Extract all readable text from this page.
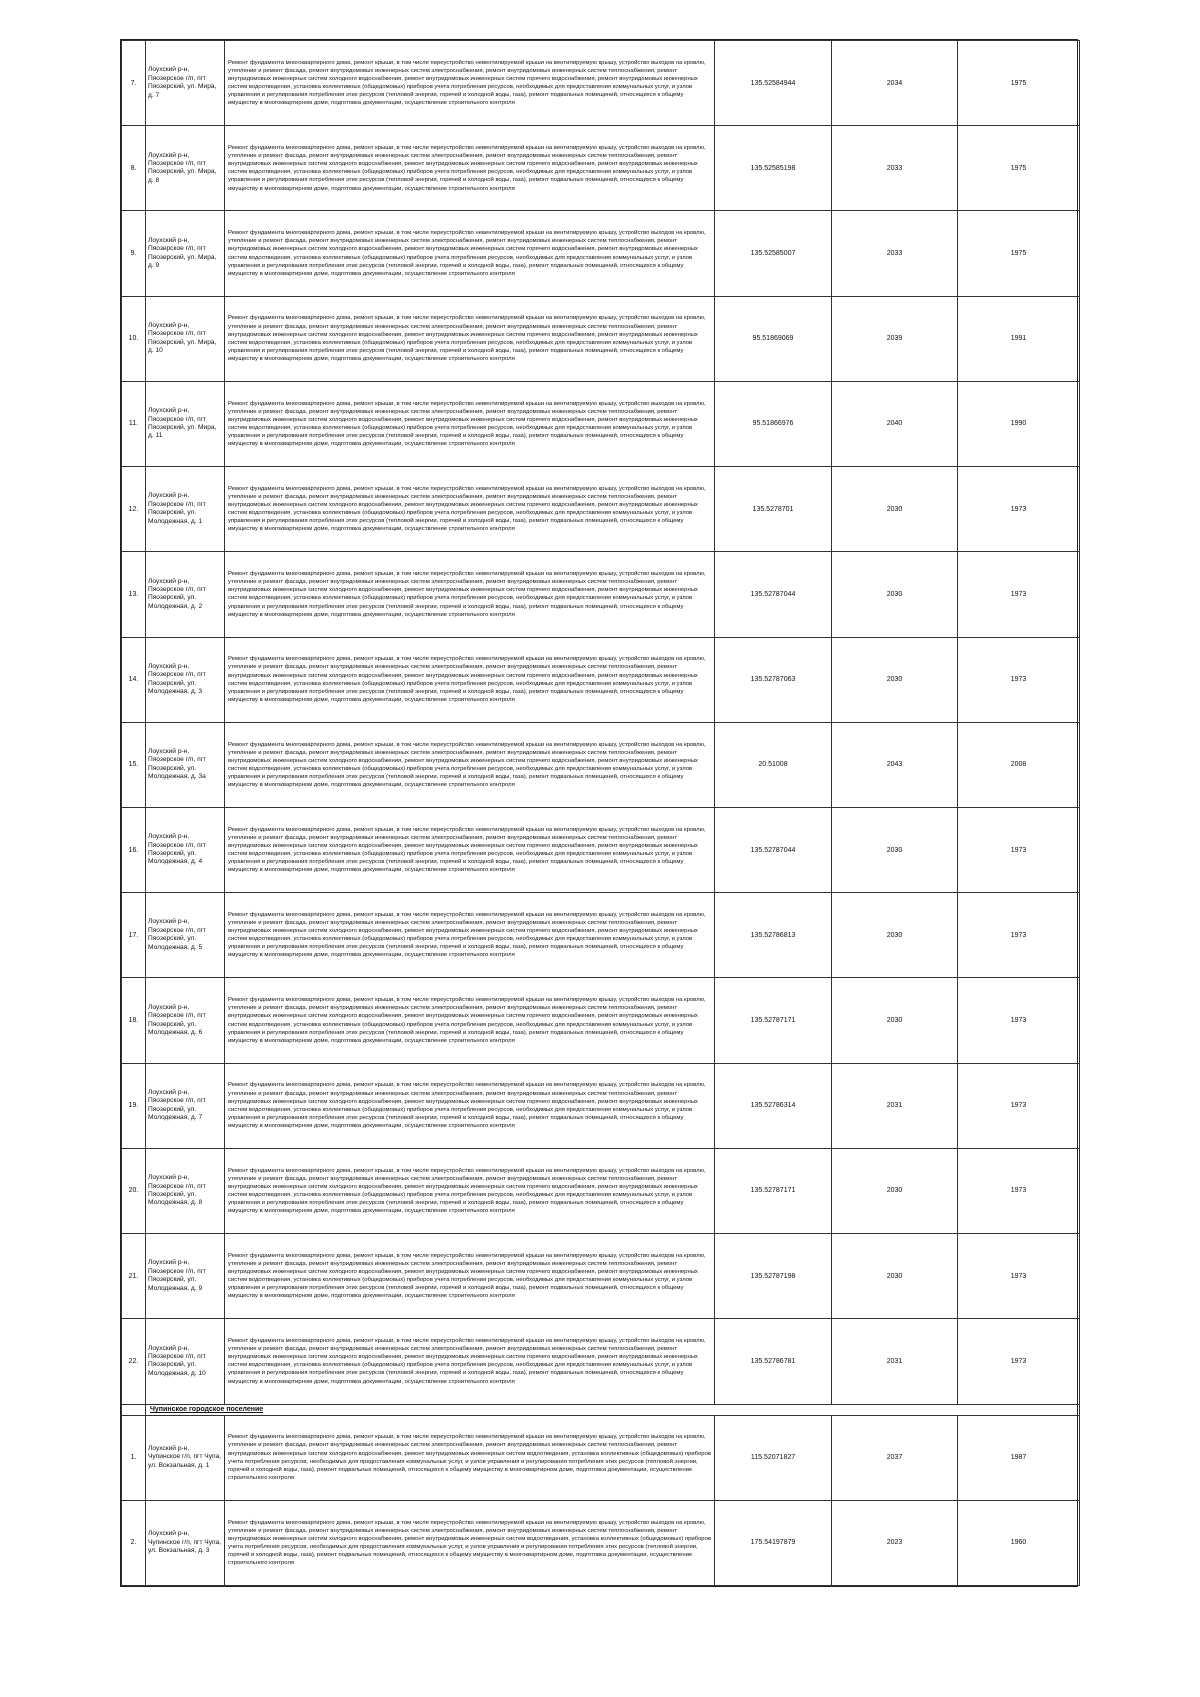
7.	Лоухский р-н, Пяозерское г/п, пгт Пяозерский, ул. Мира, д. 7	Ремонт фундамента многоквартирного дома, ремонт крыши, в том числе переустройство невентилируемой крыши на вентилируемую крышу, устройство выходов на кровлю, утепление и ремонт фасада, ремонт внутридомовых инженерных систем электроснабжения, ремонт внутридомовых инженерных систем теплоснабжения, ремонт внутридомовых инженерных систем холодного водоснабжения, ремонт внутридомовых инженерных систем горячего водоснабжения, ремонт внутридомовых инженерных систем водоотведения, установка коллективных (общедомовых) приборов учета потребления ресурсов, необходимых для предоставления коммунальных услуг, и узлов управления и регулирования потребления этих ресурсов (тепловой энергии, горячей и холодной воды, газа), ремонт подвальных помещений, относящихся к общему имуществу в многоквартирном доме, подготовка документации, осуществление строительного контроля	135.52584944	2034	1975
8.	Лоухский р-н, Пяозерское г/п, пгт Пяозерский, ул. Мира, д. 8	Ремонт фундамента многоквартирного дома, ремонт крыши, в том числе переустройство невентилируемой крыши на вентилируемую крышу, устройство выходов на кровлю, утепление и ремонт фасада, ремонт внутридомовых инженерных систем электроснабжения, ремонт внутридомовых инженерных систем теплоснабжения, ремонт внутридомовых инженерных систем холодного водоснабжения, ремонт внутридомовых инженерных систем горячего водоснабжения, ремонт внутридомовых инженерных систем водоотведения, установка коллективных (общедомовых) приборов учета потребления ресурсов, необходимых для предоставления коммунальных услуг, и узлов управления и регулирования потребления этих ресурсов (тепловой энергии, горячей и холодной воды, газа), ремонт подвальных помещений, относящихся к общему имуществу в многоквартирном доме, подготовка документации, осуществление строительного контроля	135.52585198	2033	1975
9.	Лоухский р-н, Пяозерское г/п, пгт Пяозерский, ул. Мира, д. 9	Ремонт фундамента многоквартирного дома, ремонт крыши, в том числе переустройство невентилируемой крыши на вентилируемую крышу, устройство выходов на кровлю, утепление и ремонт фасада, ремонт внутридомовых инженерных систем электроснабжения, ремонт внутридомовых инженерных систем теплоснабжения, ремонт внутридомовых инженерных систем холодного водоснабжения, ремонт внутридомовых инженерных систем горячего водоснабжения, ремонт внутридомовых инженерных систем водоотведения, установка коллективных (общедомовых) приборов учета потребления ресурсов, необходимых для предоставления коммунальных услуг, и узлов управления и регулирования потребления этих ресурсов (тепловой энергии, горячей и холодной воды, газа), ремонт подвальных помещений, относящихся к общему имуществу в многоквартирном доме, подготовка документации, осуществление строительного контроля	135.52585007	2033	1975
10.	Лоухский р-н, Пяозерское г/п, пгт Пяозерский, ул. Мира, д. 10	Ремонт фундамента многоквартирного дома, ремонт крыши, в том числе переустройство невентилируемой крыши на вентилируемую крышу, устройство выходов на кровлю, утепление и ремонт фасада, ремонт внутридомовых инженерных систем электроснабжения, ремонт внутридомовых инженерных систем теплоснабжения, ремонт внутридомовых инженерных систем холодного водоснабжения, ремонт внутридомовых инженерных систем горячего водоснабжения, ремонт внутридомовых инженерных систем водоотведения, установка коллективных (общедомовых) приборов учета потребления ресурсов, необходимых для предоставления коммунальных услуг, и узлов управления и регулирования потребления этих ресурсов (тепловой энергии, горячей и холодной воды, газа), ремонт подвальных помещений, относящихся к общему имуществу в многоквартирном доме, подготовка документации, осуществление строительного контроля	95.51869069	2039	1991
11.	Лоухский р-н, Пяозерское г/п, пгт Пяозерский, ул. Мира, д. 11	Ремонт фундамента многоквартирного дома, ремонт крыши, в том числе переустройство невентилируемой крыши на вентилируемую крышу, устройство выходов на кровлю, утепление и ремонт фасада, ремонт внутридомовых инженерных систем электроснабжения, ремонт внутридомовых инженерных систем теплоснабжения, ремонт внутридомовых инженерных систем холодного водоснабжения, ремонт внутридомовых инженерных систем горячего водоснабжения, ремонт внутридомовых инженерных систем водоотведения, установка коллективных (общедомовых) приборов учета потребления ресурсов, необходимых для предоставления коммунальных услуг, и узлов управления и регулирования потребления этих ресурсов (тепловой энергии, горячей и холодной воды, газа), ремонт подвальных помещений, относящихся к общему имуществу в многоквартирном доме, подготовка документации, осуществление строительного контроля	95.51866976	2040	1990
12.	Лоухский р-н, Пяозерское г/п, пгт Пяозерский, ул. Молодежная, д. 1	Ремонт фундамента многоквартирного дома, ремонт крыши, в том числе переустройство невентилируемой крыши на вентилируемую крышу, устройство выходов на кровлю, утепление и ремонт фасада, ремонт внутридомовых инженерных систем электроснабжения, ремонт внутридомовых инженерных систем теплоснабжения, ремонт внутридомовых инженерных систем холодного водоснабжения, ремонт внутридомовых инженерных систем горячего водоснабжения, ремонт внутридомовых инженерных систем водоотведения, установка коллективных (общедомовых) приборов учета потребления ресурсов, необходимых для предоставления коммунальных услуг, и узлов управления и регулирования потребления этих ресурсов (тепловой энергии, горячей и холодной воды, газа), ремонт подвальных помещений, относящихся к общему имуществу в многоквартирном доме, подготовка документации, осуществление строительного контроля	135.5278701	2030	1973
13.	Лоухский р-н, Пяозерское г/п, пгт Пяозерский, ул. Молодежная, д. 2	Ремонт фундамента многоквартирного дома, ремонт крыши, в том числе переустройство невентилируемой крыши на вентилируемую крышу, устройство выходов на кровлю, утепление и ремонт фасада, ремонт внутридомовых инженерных систем электроснабжения, ремонт внутридомовых инженерных систем теплоснабжения, ремонт внутридомовых инженерных систем холодного водоснабжения, ремонт внутридомовых инженерных систем горячего водоснабжения, ремонт внутридомовых инженерных систем водоотведения, установка коллективных (общедомовых) приборов учета потребления ресурсов, необходимых для предоставления коммунальных услуг, и узлов управления и регулирования потребления этих ресурсов (тепловой энергии, горячей и холодной воды, газа), ремонт подвальных помещений, относящихся к общему имуществу в многоквартирном доме, подготовка документации, осуществление строительного контроля	135.52787044	2030	1973
14.	Лоухский р-н, Пяозерское г/п, пгт Пяозерский, ул. Молодежная, д. 3	Ремонт фундамента многоквартирного дома, ремонт крыши, в том числе переустройство невентилируемой крыши на вентилируемую крышу, устройство выходов на кровлю, утепление и ремонт фасада, ремонт внутридомовых инженерных систем электроснабжения, ремонт внутридомовых инженерных систем теплоснабжения, ремонт внутридомовых инженерных систем холодного водоснабжения, ремонт внутридомовых инженерных систем горячего водоснабжения, ремонт внутридомовых инженерных систем водоотведения, установка коллективных (общедомовых) приборов учета потребления ресурсов, необходимых для предоставления коммунальных услуг, и узлов управления и регулирования потребления этих ресурсов (тепловой энергии, горячей и холодной воды, газа), ремонт подвальных помещений, относящихся к общему имуществу в многоквартирном доме, подготовка документации, осуществление строительного контроля	135.52787063	2030	1973
15.	Лоухский р-н, Пяозерское г/п, пгт Пяозерский, ул. Молодежная, д. 3а	Ремонт фундамента многоквартирного дома, ремонт крыши, в том числе переустройство невентилируемой крыши на вентилируемую крышу, устройство выходов на кровлю, утепление и ремонт фасада, ремонт внутридомовых инженерных систем электроснабжения, ремонт внутридомовых инженерных систем теплоснабжения, ремонт внутридомовых инженерных систем холодного водоснабжения, ремонт внутридомовых инженерных систем горячего водоснабжения, ремонт внутридомовых инженерных систем водоотведения, установка коллективных (общедомовых) приборов учета потребления ресурсов, необходимых для предоставления коммунальных услуг, и узлов управления и регулирования потребления этих ресурсов (тепловой энергии, горячей и холодной воды, газа), ремонт подвальных помещений, относящихся к общему имуществу в многоквартирном доме, подготовка документации, осуществление строительного контроля	20.51008	2043	2008
16.	Лоухский р-н, Пяозерское г/п, пгт Пяозерский, ул. Молодежная, д. 4	Ремонт фундамента многоквартирного дома, ремонт крыши, в том числе переустройство невентилируемой крыши на вентилируемую крышу, устройство выходов на кровлю, утепление и ремонт фасада, ремонт внутридомовых инженерных систем электроснабжения, ремонт внутридомовых инженерных систем теплоснабжения, ремонт внутридомовых инженерных систем холодного водоснабжения, ремонт внутридомовых инженерных систем горячего водоснабжения, ремонт внутридомовых инженерных систем водоотведения, установка коллективных (общедомовых) приборов учета потребления ресурсов, необходимых для предоставления коммунальных услуг, и узлов управления и регулирования потребления этих ресурсов (тепловой энергии, горячей и холодной воды, газа), ремонт подвальных помещений, относящихся к общему имуществу в многоквартирном доме, подготовка документации, осуществление строительного контроля	135.52787044	2030	1973
17.	Лоухский р-н, Пяозерское г/п, пгт Пяозерский, ул. Молодежная, д. 5	Ремонт фундамента многоквартирного дома, ремонт крыши, в том числе переустройство невентилируемой крыши на вентилируемую крышу, устройство выходов на кровлю, утепление и ремонт фасада, ремонт внутридомовых инженерных систем электроснабжения, ремонт внутридомовых инженерных систем теплоснабжения, ремонт внутридомовых инженерных систем холодного водоснабжения, ремонт внутридомовых инженерных систем горячего водоснабжения, ремонт внутридомовых инженерных систем водоотведения, установка коллективных (общедомовых) приборов учета потребления ресурсов, необходимых для предоставления коммунальных услуг, и узлов управления и регулирования потребления этих ресурсов (тепловой энергии, горячей и холодной воды, газа), ремонт подвальных помещений, относящихся к общему имуществу в многоквартирном доме, подготовка документации, осуществление строительного контроля	135.52786813	2030	1973
18.	Лоухский р-н, Пяозерское г/п, пгт Пяозерский, ул. Молодежная, д. 6	Ремонт фундамента многоквартирного дома, ремонт крыши, в том числе переустройство невентилируемой крыши на вентилируемую крышу, устройство выходов на кровлю, утепление и ремонт фасада, ремонт внутридомовых инженерных систем электроснабжения, ремонт внутридомовых инженерных систем теплоснабжения, ремонт внутридомовых инженерных систем холодного водоснабжения, ремонт внутридомовых инженерных систем горячего водоснабжения, ремонт внутридомовых инженерных систем водоотведения, установка коллективных (общедомовых) приборов учета потребления ресурсов, необходимых для предоставления коммунальных услуг, и узлов управления и регулирования потребления этих ресурсов (тепловой энергии, горячей и холодной воды, газа), ремонт подвальных помещений, относящихся к общему имуществу в многоквартирном доме, подготовка документации, осуществление строительного контроля	135.52787171	2030	1973
19.	Лоухский р-н, Пяозерское г/п, пгт Пяозерский, ул. Молодежная, д. 7	Ремонт фундамента многоквартирного дома, ремонт крыши, в том числе переустройство невентилируемой крыши на вентилируемую крышу, устройство выходов на кровлю, утепление и ремонт фасада, ремонт внутридомовых инженерных систем электроснабжения, ремонт внутридомовых инженерных систем теплоснабжения, ремонт внутридомовых инженерных систем холодного водоснабжения, ремонт внутридомовых инженерных систем горячего водоснабжения, ремонт внутридомовых инженерных систем водоотведения, установка коллективных (общедомовых) приборов учета потребления ресурсов, необходимых для предоставления коммунальных услуг, и узлов управления и регулирования потребления этих ресурсов (тепловой энергии, горячей и холодной воды, газа), ремонт подвальных помещений, относящихся к общему имуществу в многоквартирном доме, подготовка документации, осуществление строительного контроля	135.52786314	2031	1973
20.	Лоухский р-н, Пяозерское г/п, пгт Пяозерский, ул. Молодежная, д. 8	Ремонт фундамента многоквартирного дома, ремонт крыши, в том числе переустройство невентилируемой крыши на вентилируемую крышу, устройство выходов на кровлю, утепление и ремонт фасада, ремонт внутридомовых инженерных систем электроснабжения, ремонт внутридомовых инженерных систем теплоснабжения, ремонт внутридомовых инженерных систем холодного водоснабжения, ремонт внутридомовых инженерных систем горячего водоснабжения, ремонт внутридомовых инженерных систем водоотведения, установка коллективных (общедомовых) приборов учета потребления ресурсов, необходимых для предоставления коммунальных услуг, и узлов управления и регулирования потребления этих ресурсов (тепловой энергии, горячей и холодной воды, газа), ремонт подвальных помещений, относящихся к общему имуществу в многоквартирном доме, подготовка документации, осуществление строительного контроля	135.52787171	2030	1973
21.	Лоухский р-н, Пяозерское г/п, пгт Пяозерский, ул. Молодежная, д. 9	Ремонт фундамента многоквартирного дома, ремонт крыши, в том числе переустройство невентилируемой крыши на вентилируемую крышу, устройство выходов на кровлю, утепление и ремонт фасада, ремонт внутридомовых инженерных систем электроснабжения, ремонт внутридомовых инженерных систем теплоснабжения, ремонт внутридомовых инженерных систем холодного водоснабжения, ремонт внутридомовых инженерных систем горячего водоснабжения, ремонт внутридомовых инженерных систем водоотведения, установка коллективных (общедомовых) приборов учета потребления ресурсов, необходимых для предоставления коммунальных услуг, и узлов управления и регулирования потребления этих ресурсов (тепловой энергии, горячей и холодной воды, газа), ремонт подвальных помещений, относящихся к общему имуществу в многоквартирном доме, подготовка документации, осуществление строительного контроля	135.52787198	2030	1973
22.	Лоухский р-н, Пяозерское г/п, пгт Пяозерский, ул. Молодежная, д. 10	Ремонт фундамента многоквартирного дома, ремонт крыши, в том числе переустройство невентилируемой крыши на вентилируемую крышу, устройство выходов на кровлю, утепление и ремонт фасада, ремонт внутридомовых инженерных систем электроснабжения, ремонт внутридомовых инженерных систем теплоснабжения, ремонт внутридомовых инженерных систем холодного водоснабжения, ремонт внутридомовых инженерных систем горячего водоснабжения, ремонт внутридомовых инженерных систем водоотведения, установка коллективных (общедомовых) приборов учета потребления ресурсов, необходимых для предоставления коммунальных услуг, и узлов управления и регулирования потребления этих ресурсов (тепловой энергии, горячей и холодной воды, газа), ремонт подвальных помещений, относящихся к общему имуществу в многоквартирном доме, подготовка документации, осуществление строительного контроля	135.52786781	2031	1973
	Чупинское городское поселение				
1.	Лоухский р-н, Чупинское г/п, пгт Чупа, ул. Вокзальная, д. 1	Ремонт фундамента многоквартирного дома, ремонт крыши, в том числе переустройство невентилируемой крыши на вентилируемую крышу, устройство выходов на кровлю, утепление и ремонт фасада, ремонт внутридомовых инженерных систем электроснабжения, ремонт внутридомовых инженерных систем теплоснабжения, ремонт внутридомовых инженерных систем холодного водоснабжения, ремонт внутридомовых инженерных систем водоотведения, установка коллективных (общедомовых) приборов учета потребления ресурсов, необходимых для предоставления коммунальных услуг, и узлов управления и регулирования потребления этих ресурсов (тепловой энергии, горячей и холодной воды, газа), ремонт подвальных помещений, относящихся к общему имуществу в многоквартирном доме, подготовка документации, осуществление строительного контроля	115.52071827	2037	1987
2.	Лоухский р-н, Чупинское г/п, пгт Чупа, ул. Вокзальная, д. 3	Ремонт фундамента многоквартирного дома, ремонт крыши, в том числе переустройство невентилируемой крыши на вентилируемую крышу, устройство выходов на кровлю, утепление и ремонт фасада, ремонт внутридомовых инженерных систем электроснабжения, ремонт внутридомовых инженерных систем теплоснабжения, ремонт внутридомовых инженерных систем холодного водоснабжения, ремонт внутридомовых инженерных систем водоотведения, установка коллективных (общедомовых) приборов учета потребления ресурсов, необходимых для предоставления коммунальных услуг, и узлов управления и регулирования потребления этих ресурсов (тепловой энергии, горячей и холодной воды, газа), ремонт подвальных помещений, относящихся к общему имуществу в многоквартирном доме, подготовка документации, осуществление строительного контроля	175.54197879	2023	1960
